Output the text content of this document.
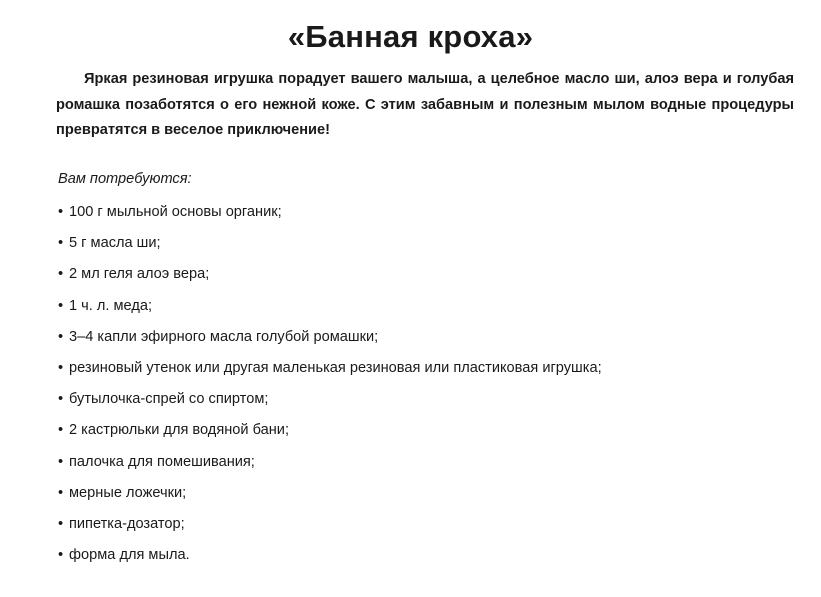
«Банная кроха»
Яркая резиновая игрушка порадует вашего малыша, а целебное масло ши, алоэ вера и голубая ромашка позаботятся о его нежной коже. С этим забавным и полезным мылом водные процедуры превратятся в веселое приключение!
Вам потребуются:
• 100 г мыльной основы органик;
• 5 г масла ши;
• 2 мл геля алоэ вера;
• 1 ч. л. меда;
• 3–4 капли эфирного масла голубой ромашки;
• резиновый утенок или другая маленькая резиновая или пластиковая игрушка;
• бутылочка-спрей со спиртом;
• 2 кастрюльки для водяной бани;
• палочка для помешивания;
• мерные ложечки;
• пипетка-дозатор;
• форма для мыла.
